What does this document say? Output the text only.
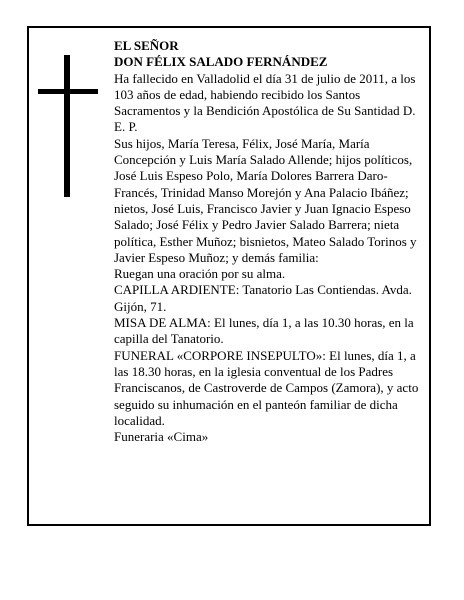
EL SEÑOR

DON FÉLIX SALADO FERNÁNDEZ

Ha fallecido en Valladolid el día 31 de julio de 2011, a los 103 años de edad, habiendo recibido los Santos Sacramentos y la Bendición Apostólica de Su Santidad D. E. P.

Sus hijos, María Teresa, Félix, José María, María Concepción y Luis María Salado Allende; hijos políticos, José Luis Espeso Polo, María Dolores Barrera Daro-Francés, Trinidad Manso Morejón y Ana Palacio Ibáñez; nietos, José Luis, Francisco Javier y Juan Ignacio Espeso Salado; José Félix y Pedro Javier Salado Barrera; nieta política, Esther Muñoz; bisnietos, Mateo Salado Torinos y Javier Espeso Muñoz; y demás familia:

Ruegan una oración por su alma.

CAPILLA ARDIENTE: Tanatorio Las Contiendas. Avda. Gijón, 71.

MISA DE ALMA: El lunes, día 1, a las 10.30 horas, en la capilla del Tanatorio.

FUNERAL «CORPORE INSEPULTO»: El lunes, día 1, a las 18.30 horas, en la iglesia conventual de los Padres Franciscanos, de Castroverde de Campos (Zamora), y acto seguido su inhumación en el panteón familiar de dicha localidad.

Funeraria «Cima»
